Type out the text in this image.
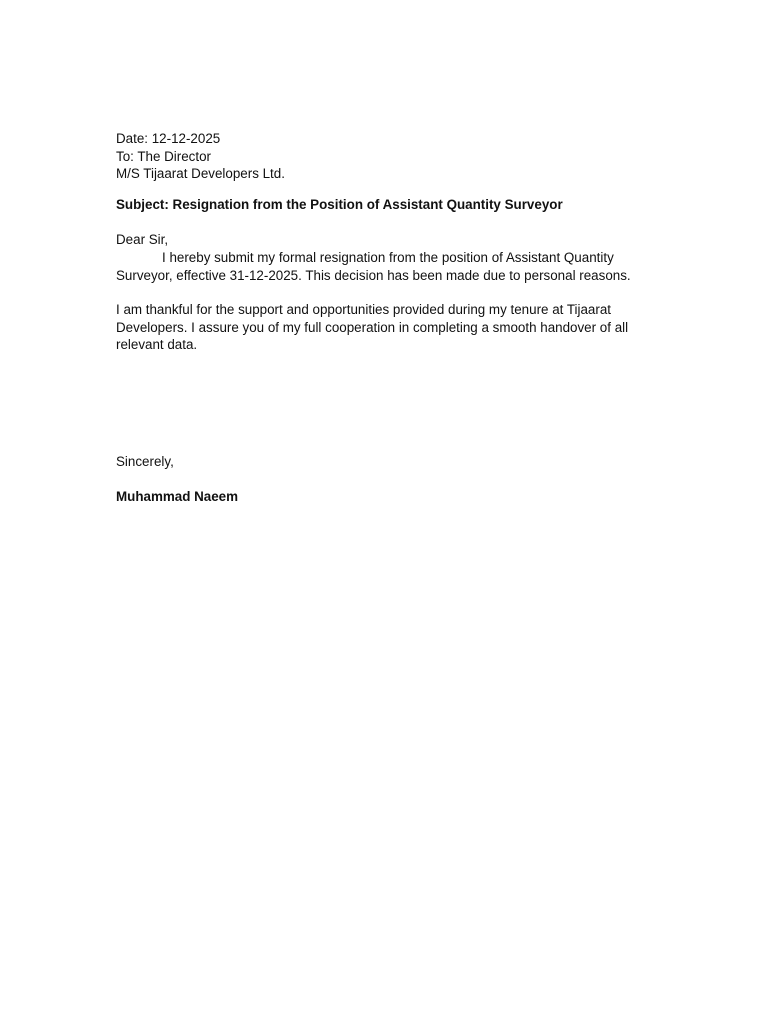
Date: 12-12-2025
To: The Director
M/S Tijaarat Developers Ltd.
Subject: Resignation from the Position of Assistant Quantity Surveyor
Dear Sir,
I hereby submit my formal resignation from the position of Assistant Quantity Surveyor, effective 31-12-2025. This decision has been made due to personal reasons.
I am thankful for the support and opportunities provided during my tenure at Tijaarat Developers. I assure you of my full cooperation in completing a smooth handover of all relevant data.
Sincerely,
Muhammad Naeem
